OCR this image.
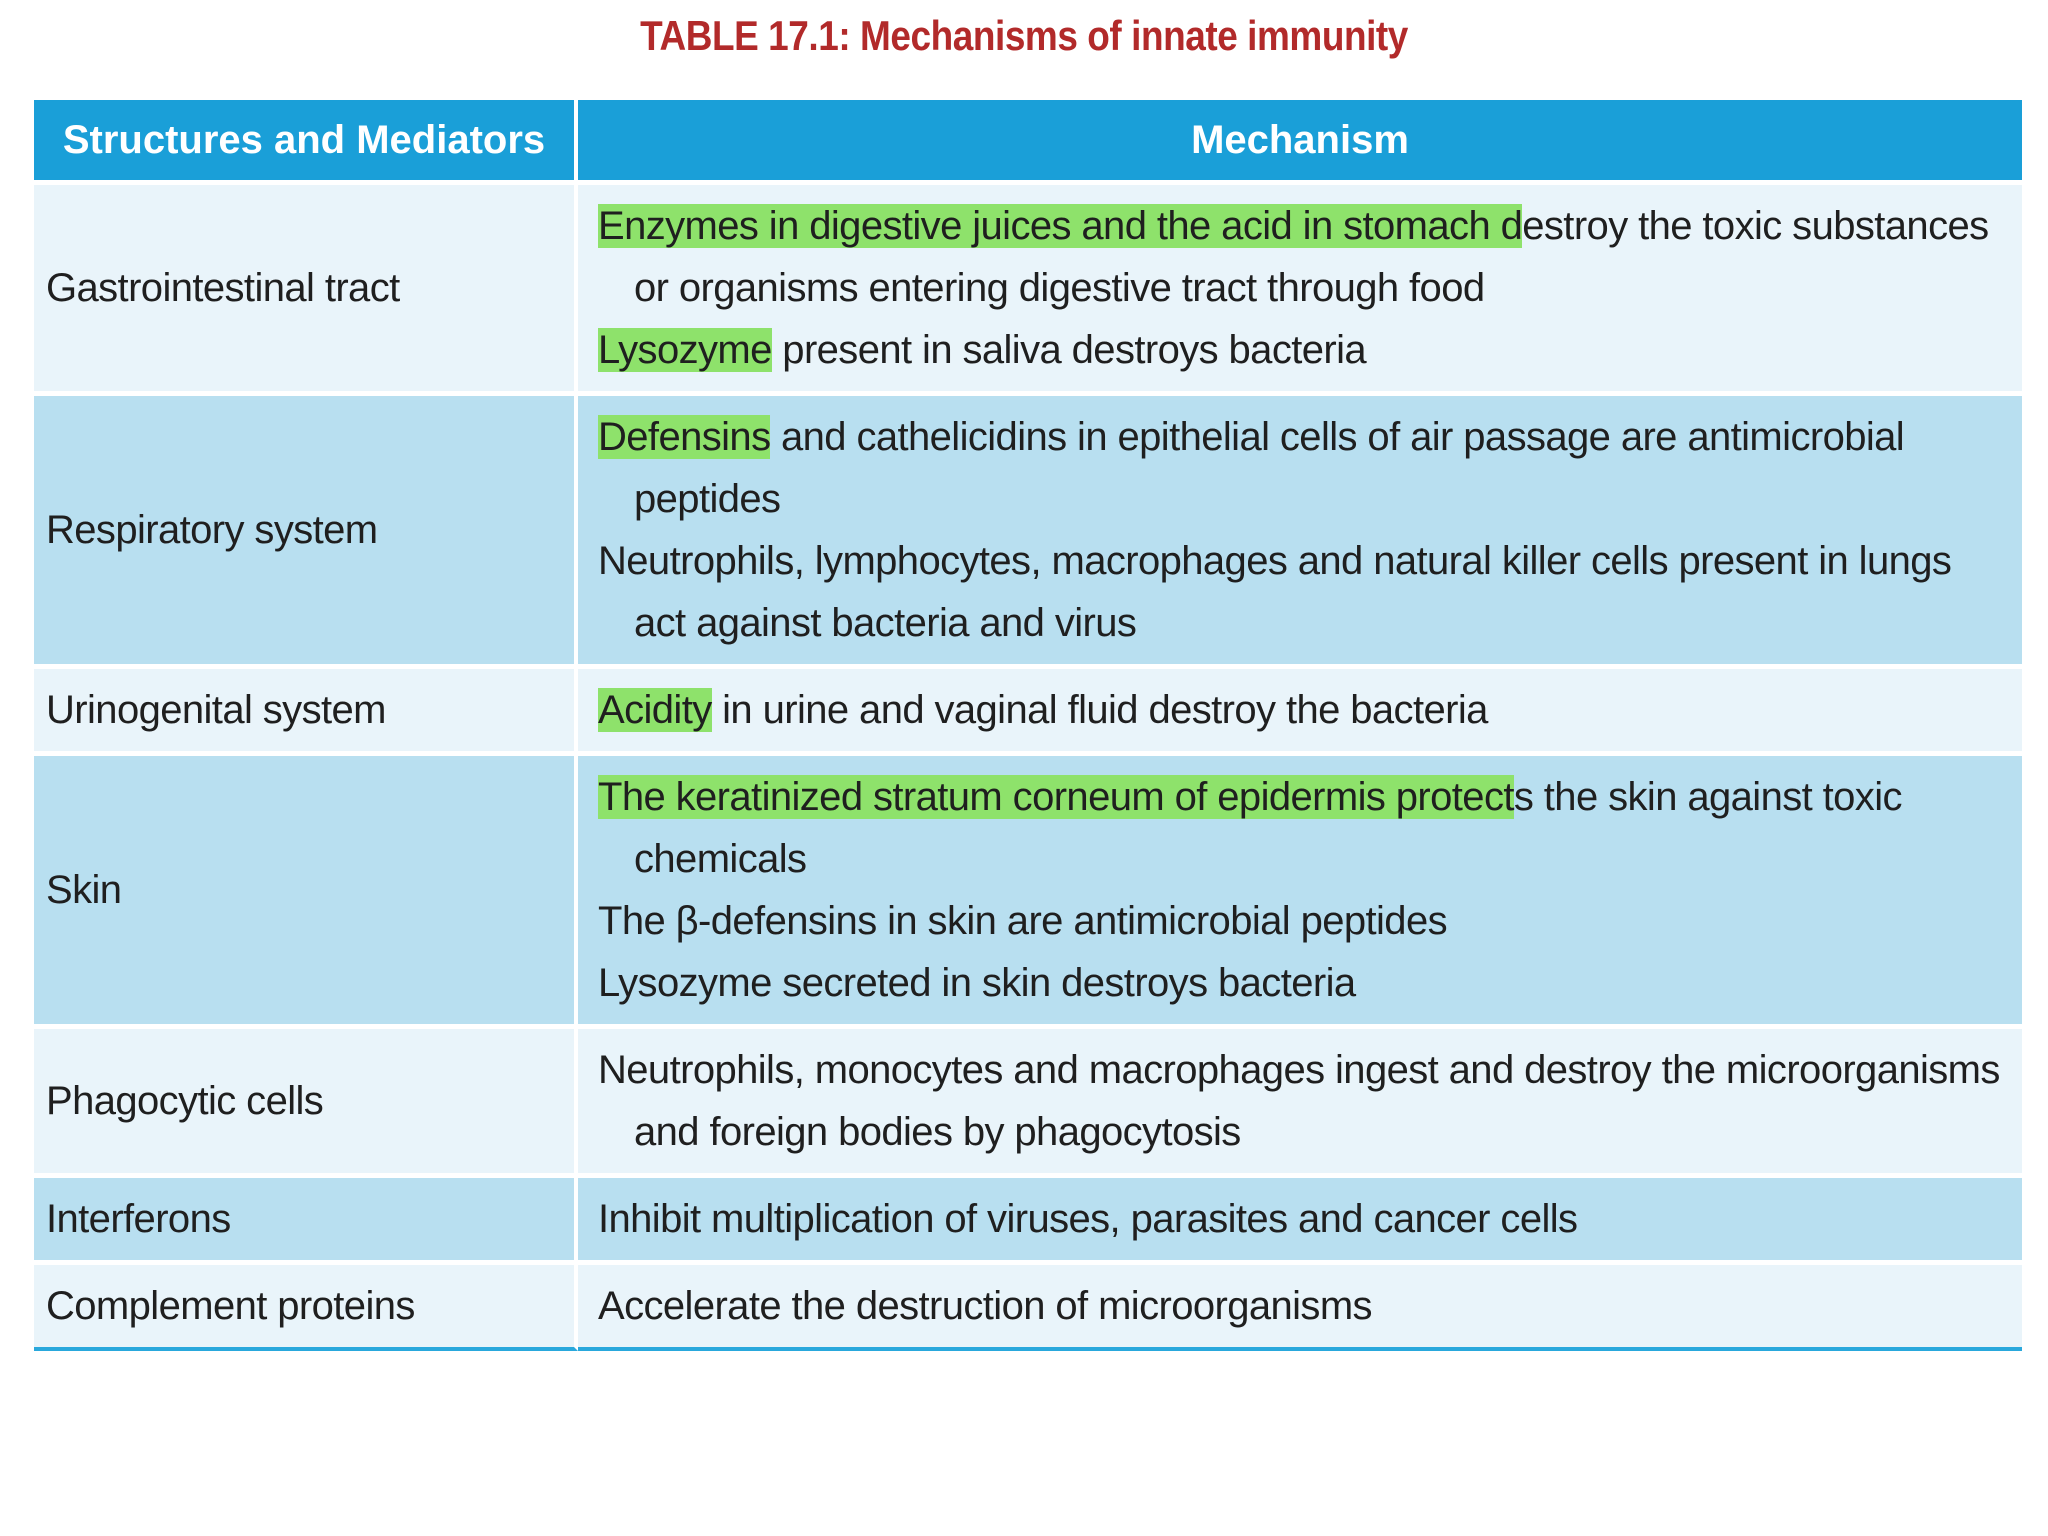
TABLE 17.1: Mechanisms of innate immunity
Structures and Mediators	Mechanism
Gastrointestinal tract	Enzymes in digestive juices and the acid in stomach destroy the toxic substances or organisms entering digestive tract through food
Lysozyme present in saliva destroys bacteria

Respiratory system	Defensins and cathelicidins in epithelial cells of air passage are antimicrobial peptides
Neutrophils, lymphocytes, macrophages and natural killer cells present in lungs act against bacteria and virus

Urinogenital system	Acidity in urine and vaginal fluid destroy the bacteria

Skin	The keratinized stratum corneum of epidermis protects the skin against toxic chemicals
The β-defensins in skin are antimicrobial peptides
Lysozyme secreted in skin destroys bacteria

Phagocytic cells	Neutrophils, monocytes and macrophages ingest and destroy the microorganisms and foreign bodies by phagocytosis

Interferons	Inhibit multiplication of viruses, parasites and cancer cells

Complement proteins	Accelerate the destruction of microorganisms
